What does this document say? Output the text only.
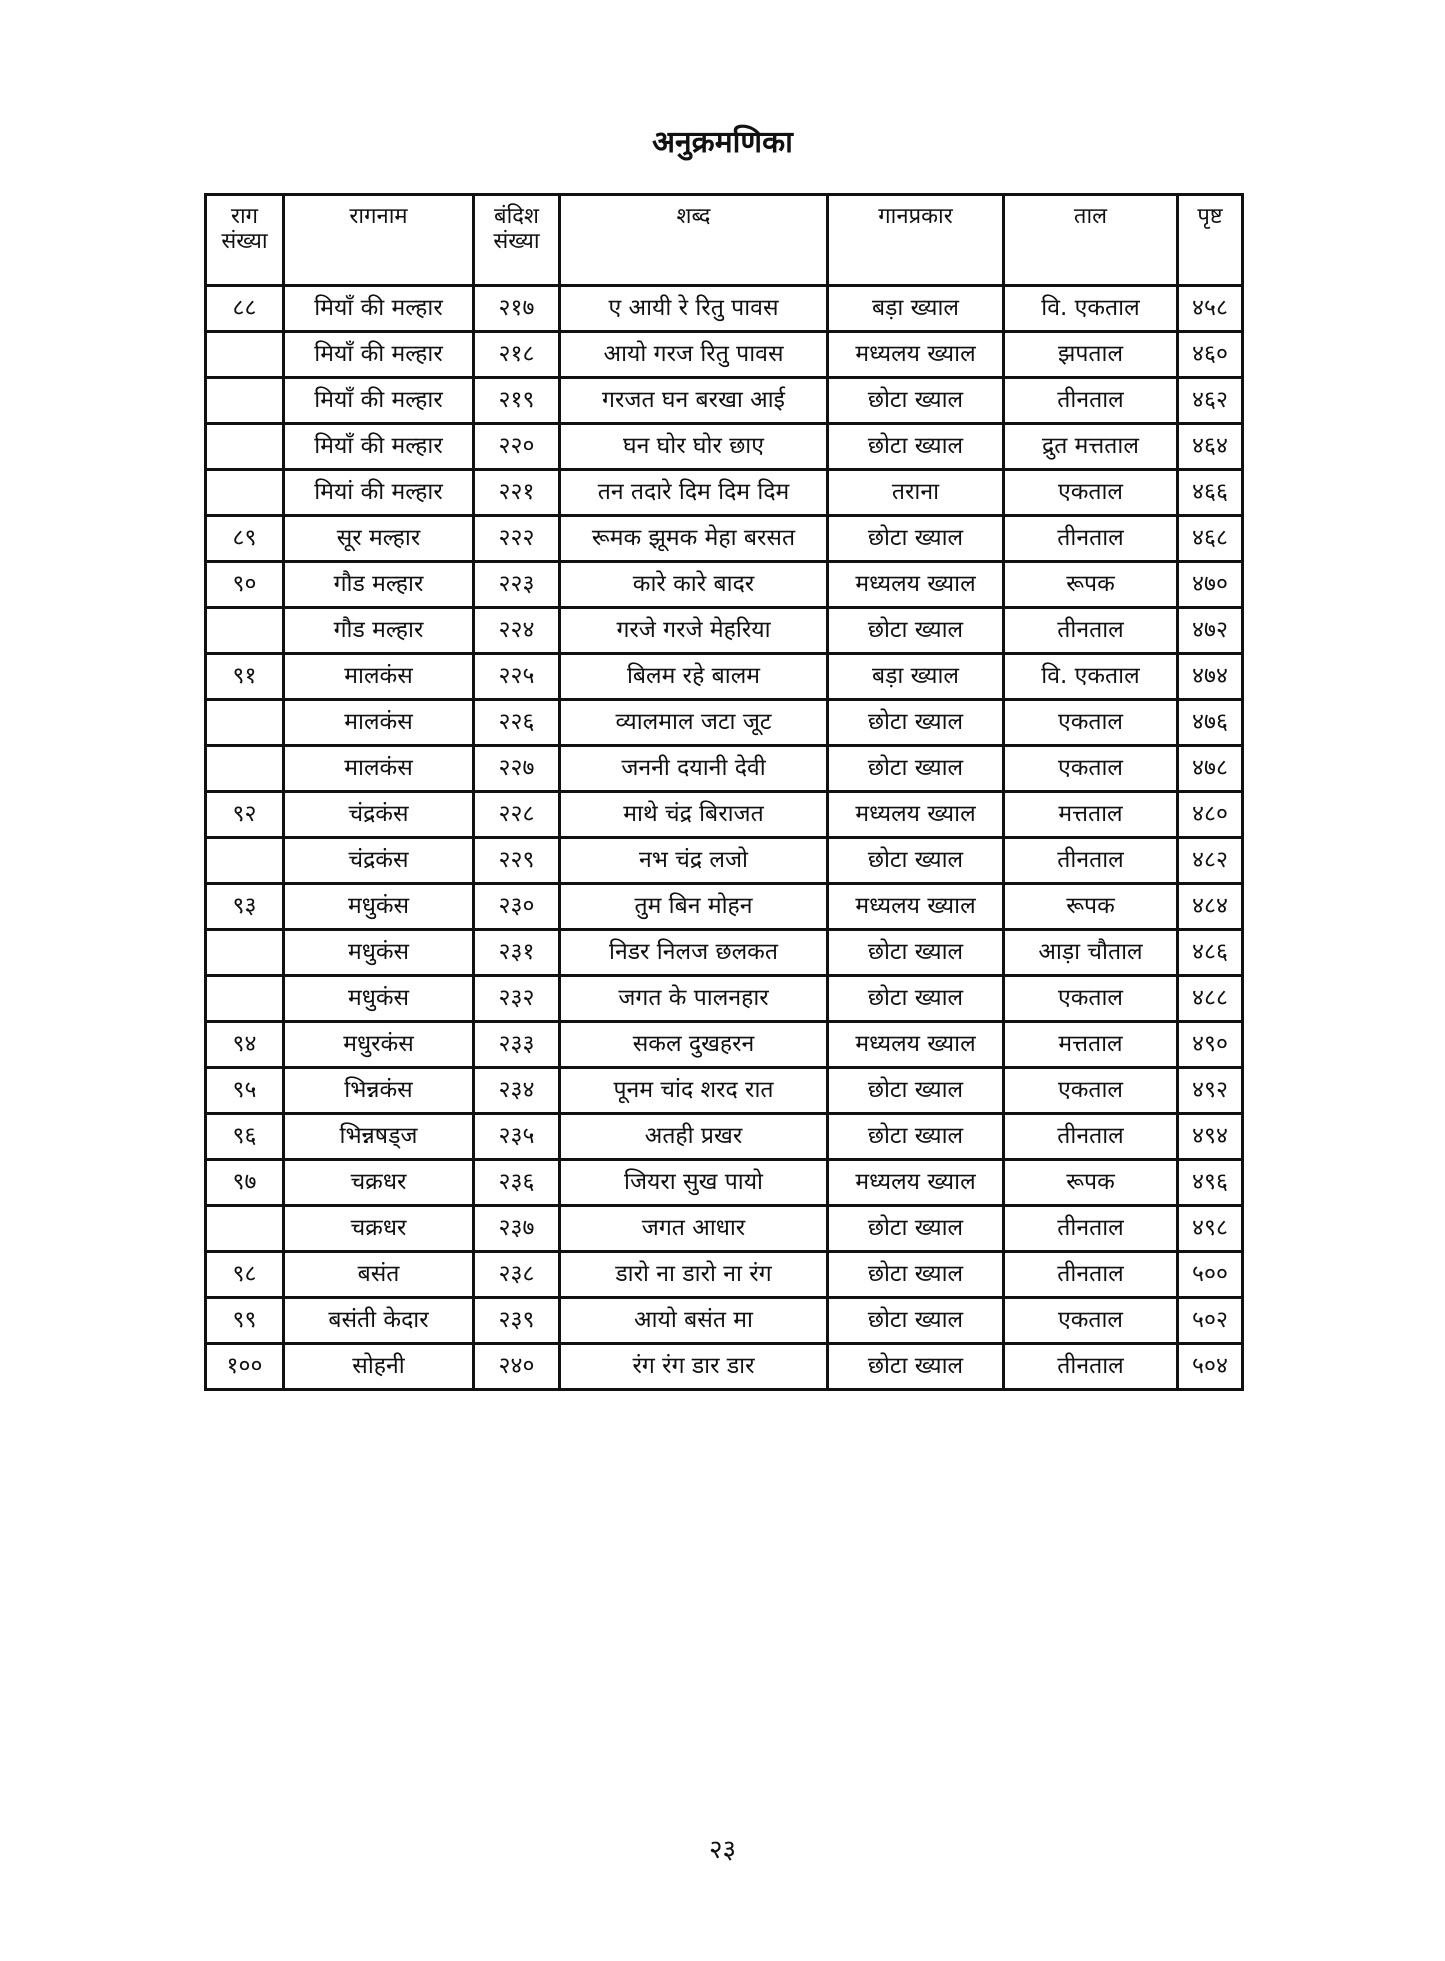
अनुक्रमणिका
राग संख्या	रागनाम	बंदिश संख्या	शब्द	गानप्रकार	ताल	पृष्ट
८८	मियाँ की मल्हार	२१७	ए आयी रे रितु पावस	बड़ा ख्याल	वि. एकताल	४५८
	मियाँ की मल्हार	२१८	आयो गरज रितु पावस	मध्यलय ख्याल	झपताल	४६०
	मियाँ की मल्हार	२१९	गरजत घन बरखा आई	छोटा ख्याल	तीनताल	४६२
	मियाँ की मल्हार	२२०	घन घोर घोर छाए	छोटा ख्याल	द्रुत मत्तताल	४६४
	मियां की मल्हार	२२१	तन तदारे दिम दिम दिम	तराना	एकताल	४६६
८९	सूर मल्हार	२२२	रूमक झूमक मेहा बरसत	छोटा ख्याल	तीनताल	४६८
९०	गौड मल्हार	२२३	कारे कारे बादर	मध्यलय ख्याल	रूपक	४७०
	गौड मल्हार	२२४	गरजे गरजे मेहरिया	छोटा ख्याल	तीनताल	४७२
९१	मालकंस	२२५	बिलम रहे बालम	बड़ा ख्याल	वि. एकताल	४७४
	मालकंस	२२६	व्यालमाल जटा जूट	छोटा ख्याल	एकताल	४७६
	मालकंस	२२७	जननी दयानी देवी	छोटा ख्याल	एकताल	४७८
९२	चंद्रकंस	२२८	माथे चंद्र बिराजत	मध्यलय ख्याल	मत्तताल	४८०
	चंद्रकंस	२२९	नभ चंद्र लजो	छोटा ख्याल	तीनताल	४८२
९३	मधुकंस	२३०	तुम बिन मोहन	मध्यलय ख्याल	रूपक	४८४
	मधुकंस	२३१	निडर निलज छलकत	छोटा ख्याल	आड़ा चौताल	४८६
	मधुकंस	२३२	जगत के पालनहार	छोटा ख्याल	एकताल	४८८
९४	मधुरकंस	२३३	सकल दुखहरन	मध्यलय ख्याल	मत्तताल	४९०
९५	भिन्नकंस	२३४	पूनम चांद शरद रात	छोटा ख्याल	एकताल	४९२
९६	भिन्नषड्ज	२३५	अतही प्रखर	छोटा ख्याल	तीनताल	४९४
९७	चक्रधर	२३६	जियरा सुख पायो	मध्यलय ख्याल	रूपक	४९६
	चक्रधर	२३७	जगत आधार	छोटा ख्याल	तीनताल	४९८
९८	बसंत	२३८	डारो ना डारो ना रंग	छोटा ख्याल	तीनताल	५००
९९	बसंती केदार	२३९	आयो बसंत मा	छोटा ख्याल	एकताल	५०२
१००	सोहनी	२४०	रंग रंग डार डार	छोटा ख्याल	तीनताल	५०४
२३
